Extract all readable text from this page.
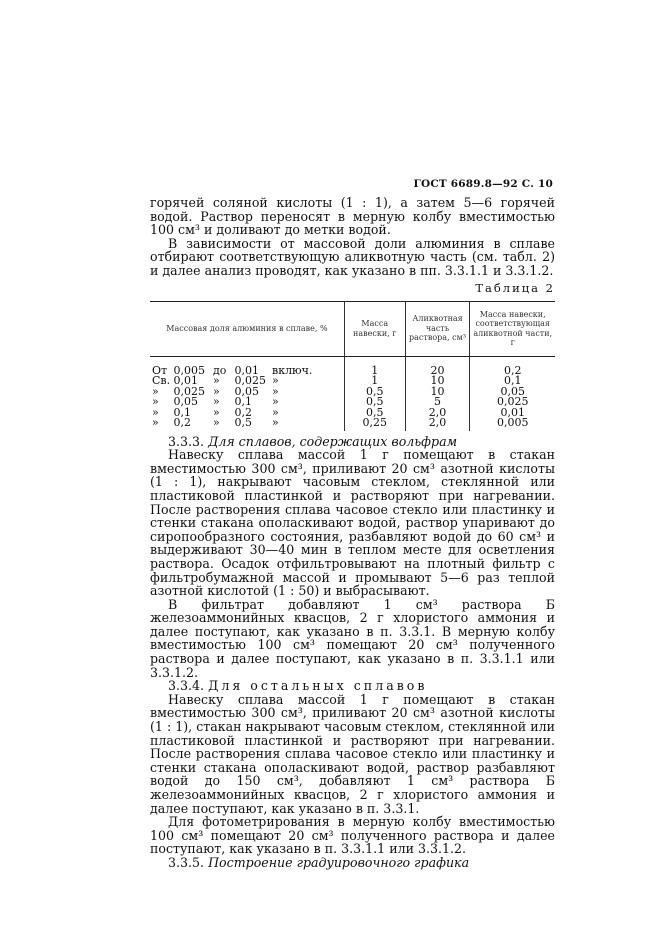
ГОСТ 6689.8—92 С. 10

горячей соляной кислоты (1 : 1), а затем 5—6 горячей водой. Раствор переносят в мерную колбу вместимостью 100 см³ и доливают до метки водой.

В зависимости от массовой доли алюминия в сплаве отбирают соответствующую аликвотную часть (см. табл. 2) и далее анализ проводят, как указано в пп. 3.3.1.1 и 3.3.1.2.

Таблица 2
Массовая доля алюминия в сплаве, %	Масса навески, г	Аликвотная часть раствора, см³	Масса навески, соответствующая аликвотной части, г
От 0,005 до 0,01 включ.	1	20	0,2
Св. 0,01 » 0,025 »	1	10	0,1
» 0,025 » 0,05 »	0,5	10	0,05
» 0,05 » 0,1 »	0,5	5	0,025
» 0,1 » 0,2 »	0,5	2,0	0,01
» 0,2 » 0,5 »	0,25	2,0	0,005
3.3.3. Для сплавов, содержащих вольфрам

Навеску сплава массой 1 г помещают в стакан вместимостью 300 см³, приливают 20 см³ азотной кислоты (1 : 1), накрывают часовым стеклом, стеклянной или пластиковой пластинкой и растворяют при нагревании. После растворения сплава часовое стекло или пластинку и стенки стакана ополаскивают водой, раствор упаривают до сиропообразного состояния, разбавляют водой до 60 см³ и выдерживают 30—40 мин в теплом месте для осветления раствора. Осадок отфильтровывают на плотный фильтр с фильтробумажной массой и промывают 5—6 раз теплой азотной кислотой (1 : 50) и выбрасывают.

В фильтрат добавляют 1 см³ раствора Б железоаммонийных квасцов, 2 г хлористого аммония и далее поступают, как указано в п. 3.3.1. В мерную колбу вместимостью 100 см³ помещают 20 см³ полученного раствора и далее поступают, как указано в п. 3.3.1.1 или 3.3.1.2.

3.3.4. Для остальных сплавов

Навеску сплава массой 1 г помещают в стакан вместимостью 300 см³, приливают 20 см³ азотной кислоты (1 : 1), стакан накрывают часовым стеклом, стеклянной или пластиковой пластинкой и растворяют при нагревании. После растворения сплава часовое стекло или пластинку и стенки стакана ополаскивают водой, раствор разбавляют водой до 150 см³, добавляют 1 см³ раствора Б железоаммонийных квасцов, 2 г хлористого аммония и далее поступают, как указано в п. 3.3.1.

Для фотометрирования в мерную колбу вместимостью 100 см³ помещают 20 см³ полученного раствора и далее поступают, как указано в п. 3.3.1.1 или 3.3.1.2.

3.3.5. Построение градуировочного графика
